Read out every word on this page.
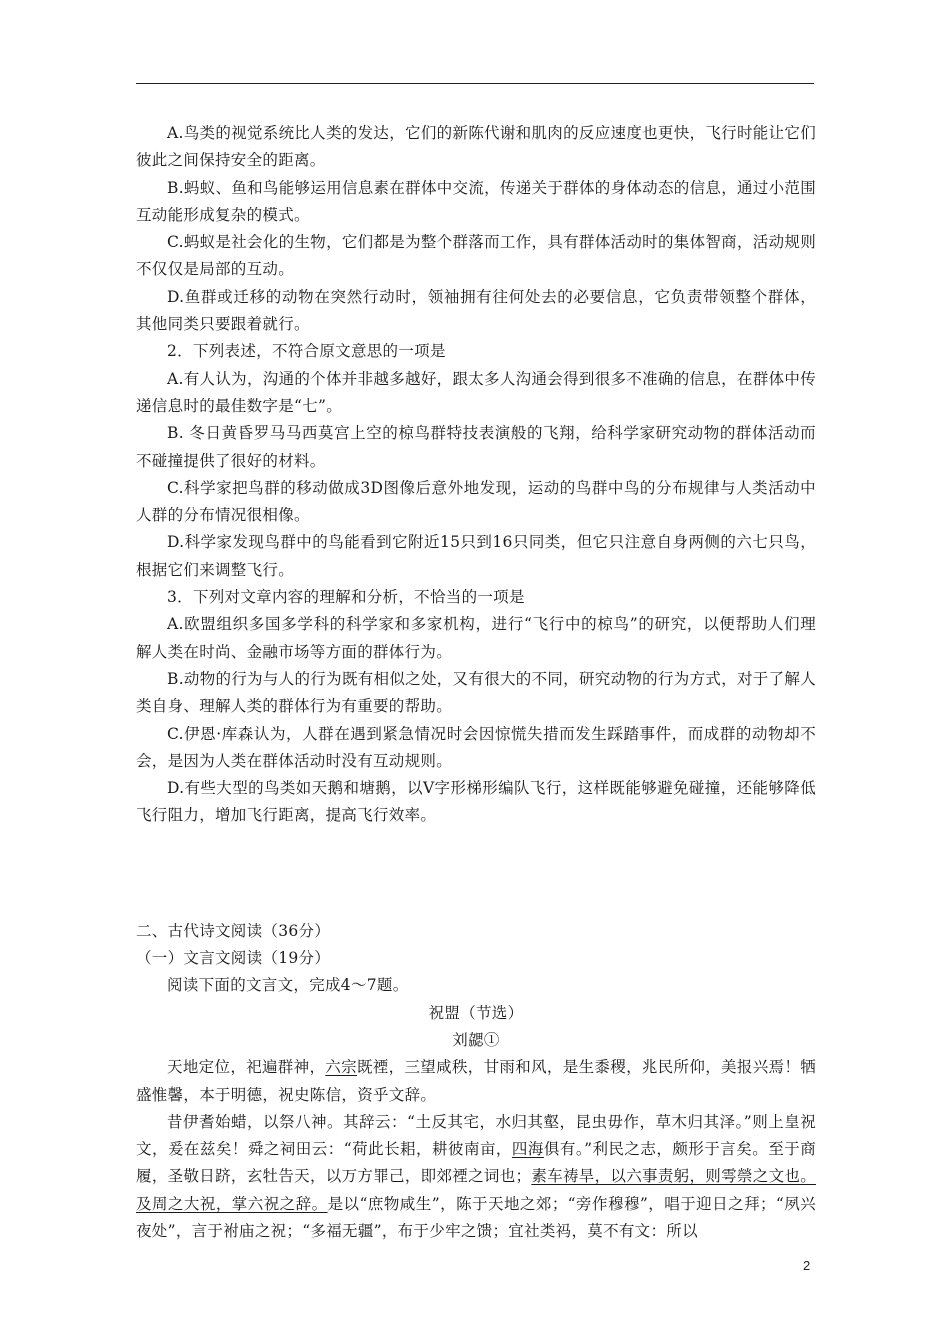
A.鸟类的视觉系统比人类的发达，它们的新陈代谢和肌肉的反应速度也更快，飞行时能让它们彼此之间保持安全的距离。

B.蚂蚁、鱼和鸟能够运用信息素在群体中交流，传递关于群体的身体动态的信息，通过小范围互动能形成复杂的模式。

C.蚂蚁是社会化的生物，它们都是为整个群落而工作，具有群体活动时的集体智商，活动规则不仅仅是局部的互动。

D.鱼群或迁移的动物在突然行动时，领袖拥有往何处去的必要信息，它负责带领整个群体，其他同类只要跟着就行。

2．下列表述，不符合原文意思的一项是

A.有人认为，沟通的个体并非越多越好，跟太多人沟通会得到很多不准确的信息，在群体中传递信息时的最佳数字是“七”。

B. 冬日黄昏罗马马西莫宫上空的椋鸟群特技表演般的飞翔，给科学家研究动物的群体活动而不碰撞提供了很好的材料。

C.科学家把鸟群的移动做成3D图像后意外地发现，运动的鸟群中鸟的分布规律与人类活动中人群的分布情况很相像。

D.科学家发现鸟群中的鸟能看到它附近15只到16只同类，但它只注意自身两侧的六七只鸟，根据它们来调整飞行。

3．下列对文章内容的理解和分析，不恰当的一项是

A.欧盟组织多国多学科的科学家和多家机构，进行“飞行中的椋鸟”的研究，以便帮助人们理解人类在时尚、金融市场等方面的群体行为。

B.动物的行为与人的行为既有相似之处，又有很大的不同，研究动物的行为方式，对于了解人类自身、理解人类的群体行为有重要的帮助。

C.伊恩·库森认为，人群在遇到紧急情况时会因惊慌失措而发生踩踏事件，而成群的动物却不会，是因为人类在群体活动时没有互动规则。

D.有些大型的鸟类如天鹅和塘鹅，以V字形梯形编队飞行，这样既能够避免碰撞，还能够降低飞行阻力，增加飞行距离，提高飞行效率。

二、古代诗文阅读（36分）

（一）文言文阅读（19分）

阅读下面的文言文，完成4～7题。

祝盟（节选）

刘勰①

天地定位，祀遍群神，六宗既禋，三望咸秩，甘雨和风，是生黍稷，兆民所仰，美报兴焉！牺盛惟馨，本于明德，祝史陈信，资乎文辞。

昔伊耆始蜡，以祭八神。其辞云：“土反其宅，水归其壑，昆虫毋作，草木归其泽。”则上皇祝文，爰在兹矣！舜之祠田云：“荷此长耜，耕彼南亩，四海俱有。”利民之志，颇形于言矣。至于商履，圣敬日跻，玄牡告天，以万方罪己，即郊禋之词也；素车祷旱，以六事责躬，则雩禜之文也。及周之大祝，掌六祝之辞。是以“庶物咸生”，陈于天地之郊；“旁作穆穆”，唱于迎日之拜；“夙兴夜处”，言于袝庙之祝；“多福无疆”，布于少牢之馈；宜社类祃，莫不有文：所以

2
